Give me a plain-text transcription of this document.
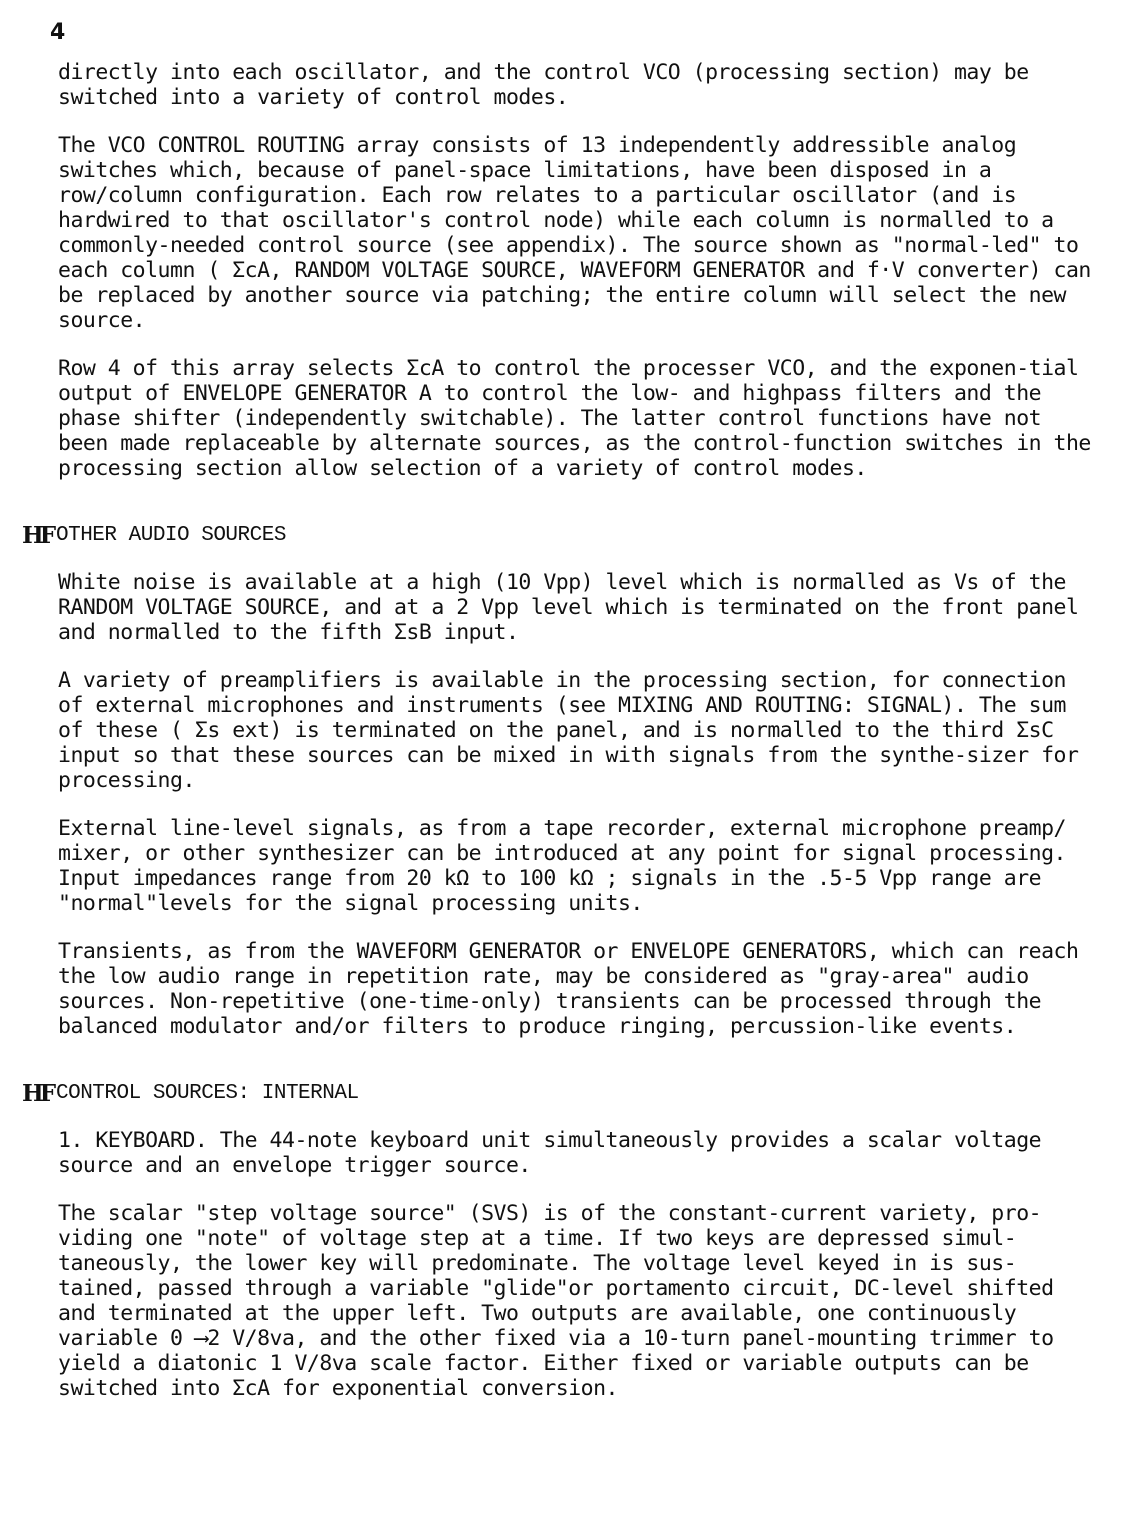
4

directly into each oscillator, and the control VCO (processing section) may be switched into a variety of control modes.

The VCO CONTROL ROUTING array consists of 13 independently addressible analog switches which, because of panel-space limitations, have been disposed in a row/column configuration. Each row relates to a particular oscillator (and is hardwired to that oscillator's control node) while each column is normalled to a commonly-needed control source (see appendix). The source shown as "normal-led" to each column ( ΣcA, RANDOM VOLTAGE SOURCE, WAVEFORM GENERATOR and f·V converter) can be replaced by another source via patching; the entire column will select the new source.

Row 4 of this array selects ΣcA to control the processer VCO, and the exponen-tial output of ENVELOPE GENERATOR A to control the low- and highpass filters and the phase shifter (independently switchable). The latter control functions have not been made replaceable by alternate sources, as the control-function switches in the processing section allow selection of a variety of control modes.

HF OTHER AUDIO SOURCES

White noise is available at a high (10 Vpp) level which is normalled as Vs of the RANDOM VOLTAGE SOURCE, and at a 2 Vpp level which is terminated on the front panel and normalled to the fifth ΣsB input.

A variety of preamplifiers is available in the processing section, for connection of external microphones and instruments (see MIXING AND ROUTING: SIGNAL). The sum of these ( Σs ext) is terminated on the panel, and is normalled to the third ΣsC input so that these sources can be mixed in with signals from the synthe-sizer for processing.

External line-level signals, as from a tape recorder, external microphone preamp/ mixer, or other synthesizer can be introduced at any point for signal processing. Input impedances range from 20 kΩ to 100 kΩ ; signals in the .5-5 Vpp range are "normal"levels for the signal processing units.

Transients, as from the WAVEFORM GENERATOR or ENVELOPE GENERATORS, which can reach the low audio range in repetition rate, may be considered as "gray-area" audio sources. Non-repetitive (one-time-only) transients can be processed through the balanced modulator and/or filters to produce ringing, percussion-like events.

HF CONTROL SOURCES: INTERNAL

1. KEYBOARD. The 44-note keyboard unit simultaneously provides a scalar voltage source and an envelope trigger source.

The scalar "step voltage source" (SVS) is of the constant-current variety, pro-viding one "note" of voltage step at a time. If two keys are depressed simul-taneously, the lower key will predominate. The voltage level keyed in is sus-tained, passed through a variable "glide"or portamento circuit, DC-level shifted and terminated at the upper left. Two outputs are available, one continuously variable 0 ⟶2 V/8va, and the other fixed via a 10-turn panel-mounting trimmer to yield a diatonic 1 V/8va scale factor. Either fixed or variable outputs can be switched into ΣcA for exponential conversion.
